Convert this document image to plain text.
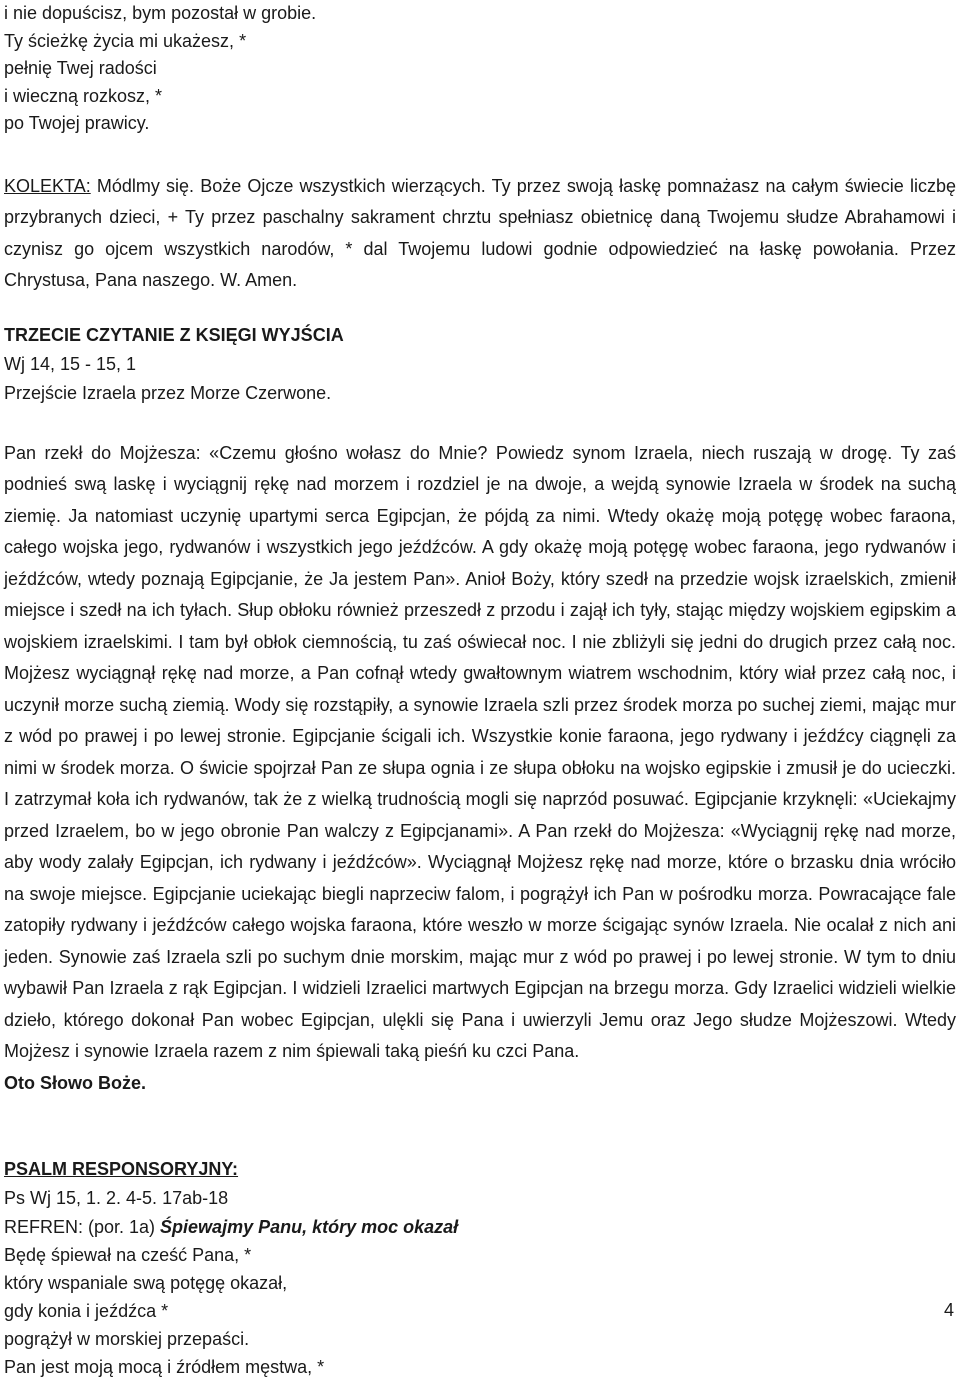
i nie dopuścisz, bym pozostał w grobie.
Ty ścieżkę życia mi ukażesz, *
pełnię Twej radości
i wieczną rozkosz, *
po Twojej prawicy.

KOLEKTA: Módlmy się. Boże Ojcze wszystkich wierzących. Ty przez swoją łaskę pomnażasz na całym świecie liczbę przybranych dzieci, + Ty przez paschalny sakrament chrztu spełniasz obietnicę daną Twojemu słudze Abrahamowi i czynisz go ojcem wszystkich narodów, * dal Twojemu ludowi godnie odpowiedzieć na łaskę powołania. Przez Chrystusa, Pana naszego. W. Amen.

TRZECIE CZYTANIE Z KSIĘGI WYJŚCIA
Wj 14, 15 - 15, 1
Przejście Izraela przez Morze Czerwone.

Pan rzekł do Mojżesza: «Czemu głośno wołasz do Mnie? Powiedz synom Izraela, niech ruszają w drogę. Ty zaś podnieś swą laskę i wyciągnij rękę nad morzem i rozdziel je na dwoje, a wejdą synowie Izraela w środek na suchą ziemię. Ja natomiast uczynię upartymi serca Egipcjan, że pójdą za nimi. Wtedy okażę moją potęgę wobec faraona, całego wojska jego, rydwanów i wszystkich jego jeźdźców. A gdy okażę moją potęgę wobec faraona, jego rydwanów i jeźdźców, wtedy poznają Egipcjanie, że Ja jestem Pan». Anioł Boży, który szedł na przedzie wojsk izraelskich, zmienił miejsce i szedł na ich tyłach. Słup obłoku również przeszedł z przodu i zajął ich tyły, stając między wojskiem egipskim a wojskiem izraelskimi. I tam był obłok ciemnością, tu zaś oświecał noc. I nie zbliżyli się jedni do drugich przez całą noc. Mojżesz wyciągnął rękę nad morze, a Pan cofnął wtedy gwałtownym wiatrem wschodnim, który wiał przez całą noc, i uczynił morze suchą ziemią. Wody się rozstąpiły, a synowie Izraela szli przez środek morza po suchej ziemi, mając mur z wód po prawej i po lewej stronie. Egipcjanie ścigali ich. Wszystkie konie faraona, jego rydwany i jeźdźcy ciągnęli za nimi w środek morza. O świcie spojrzał Pan ze słupa ognia i ze słupa obłoku na wojsko egipskie i zmusił je do ucieczki. I zatrzymał koła ich rydwanów, tak że z wielką trudnością mogli się naprzód posuwać. Egipcjanie krzyknęli: «Uciekajmy przed Izraelem, bo w jego obronie Pan walczy z Egipcjanami». A Pan rzekł do Mojżesza: «Wyciągnij rękę nad morze, aby wody zalały Egipcjan, ich rydwany i jeźdźców». Wyciągnął Mojżesz rękę nad morze, które o brzasku dnia wróciło na swoje miejsce. Egipcjanie uciekając biegli naprzeciw falom, i pogrążył ich Pan w pośrodku morza. Powracające fale zatopiły rydwany i jeźdźców całego wojska faraona, które weszło w morze ścigając synów Izraela. Nie ocalał z nich ani jeden. Synowie zaś Izraela szli po suchym dnie morskim, mając mur z wód po prawej i po lewej stronie. W tym to dniu wybawił Pan Izraela z rąk Egipcjan. I widzieli Izraelici martwych Egipcjan na brzegu morza. Gdy Izraelici widzieli wielkie dzieło, którego dokonał Pan wobec Egipcjan, ulękli się Pana i uwierzyli Jemu oraz Jego słudze Mojżeszowi. Wtedy Mojżesz i synowie Izraela razem z nim śpiewali taką pieśń ku czci Pana.

Oto Słowo Boże.
PSALM RESPONSORYJNY:
Ps Wj 15, 1. 2. 4-5. 17ab-18
REFREN: (por. 1a) Śpiewajmy Panu, który moc okazał
Będę śpiewał na cześć Pana, *
który wspaniale swą potęgę okazał,
gdy konia i jeźdźca *
pogrążył w morskiej przepaści.
Pan jest moją mocą i źródłem męstwa, *
4
